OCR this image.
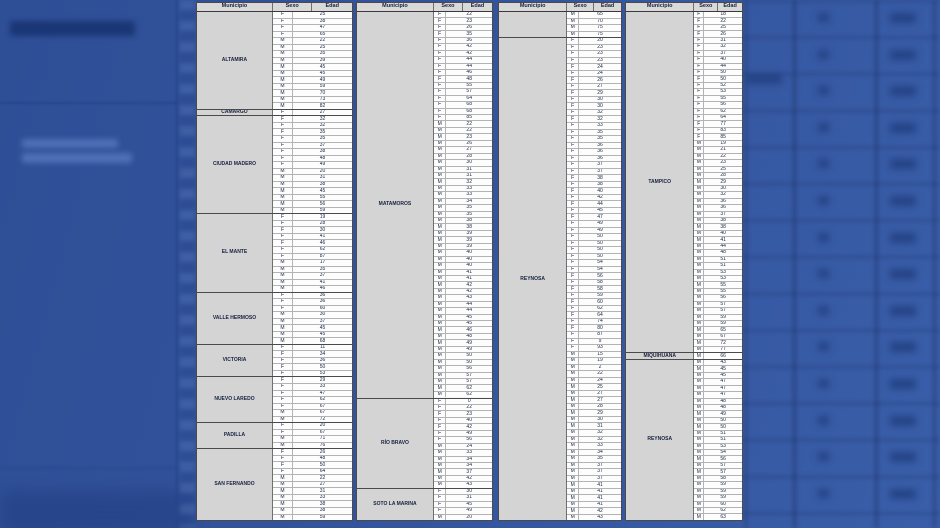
Municipio	Sexo	Edad
ALTAMIRA
F	25
F	38
F	47
F	65
M	22
M	25
M	35
M	39
M	45
M	45
M	49
M	59
M	70
M	73
M	82
CAMARGO	F	27
CIUDAD MADERO
F	32
F	32
F	35
F	35
F	37
F	38
F	48
F	49
M	20
M	31
M	38
M	45
M	55
M	56
M	59
EL MANTE
F	19
F	28
F	30
F	41
F	46
F	62
F	87
M	17
M	35
M	37
M	41
M	46
VALLE HERMOSO
F	36
F	36
F	60
M	30
M	37
M	45
M	45
M	68
VICTORIA
F	11
F	34
F	36
F	50
F	53
NUEVO LAREDO
F	29
F	33
F	47
F	62
F	67
M	67
M	72
PADILLA
F	20
F	67
M	71
M	76
SAN FERNANDO
F	26
F	48
F	50
F	64
M	22
M	27
M	31
M	33
M	38
M	38
M	59
Municipio	Sexo	Edad
MATAMOROS
F	22
F	23
F	26
F	35
F	36
F	42
F	42
F	44
F	44
F	46
F	48
F	55
F	57
F	64
F	68
F	68
F	85
M	22
M	22
M	23
M	26
M	27
M	28
M	30
M	31
M	31
M	32
M	33
M	33
M	34
M	35
M	35
M	38
M	38
M	39
M	39
M	39
M	40
M	40
M	40
M	41
M	41
M	42
M	42
M	43
M	44
M	44
M	45
M	45
M	46
M	48
M	49
M	49
M	50
M	50
M	56
M	57
M	57
M	62
M	62
RÍO BRAVO
F	0
F	22
F	23
F	40
F	42
F	49
F	56
M	24
M	33
M	34
M	34
M	37
M	42
M	43
SOTO LA MARINA
F	30
F	31
F	45
F	49
M	20
Municipio	Sexo	Edad
M	65
M	70
M	75
M	75
REYNOSA
F	20
F	23
F	23
F	23
F	24
F	24
F	26
F	27
F	29
F	30
F	30
F	32
F	32
F	33
F	35
F	35
F	36
F	36
F	36
F	37
F	37
F	38
F	38
F	40
F	42
F	44
F	45
F	47
F	49
F	49
F	50
F	50
F	50
F	50
F	54
F	54
F	56
F	58
F	58
F	59
F	60
F	62
F	64
F	74
F	80
F	87
F	9
F	93
M	15
M	19
M	2
M	22
M	24
M	25
M	27
M	27
M	28
M	29
M	30
M	31
M	32
M	32
M	33
M	34
M	35
M	37
M	37
M	37
M	41
M	41
M	41
M	41
M	42
M	43
Municipio	Sexo	Edad
TAMPICO
F	18
F	22
F	25
F	26
F	31
F	32
F	37
F	40
F	44
F	50
F	50
F	52
F	53
F	55
F	56
F	62
F	64
F	77
F	83
F	85
M	19
M	21
M	22
M	23
M	25
M	28
M	29
M	30
M	32
M	36
M	36
M	37
M	38
M	38
M	40
M	41
M	44
M	48
M	51
M	51
M	53
M	53
M	55
M	55
M	56
M	57
M	57
M	59
M	59
M	65
M	67
M	72
M	77
MIQUIHUANA	M	66
REYNOSA
M	43
M	45
M	45
M	47
M	47
M	47
M	48
M	48
M	49
M	50
M	50
M	51
M	51
M	53
M	54
M	56
M	57
M	57
M	58
M	59
M	59
M	59
M	60
M	62
M	63
